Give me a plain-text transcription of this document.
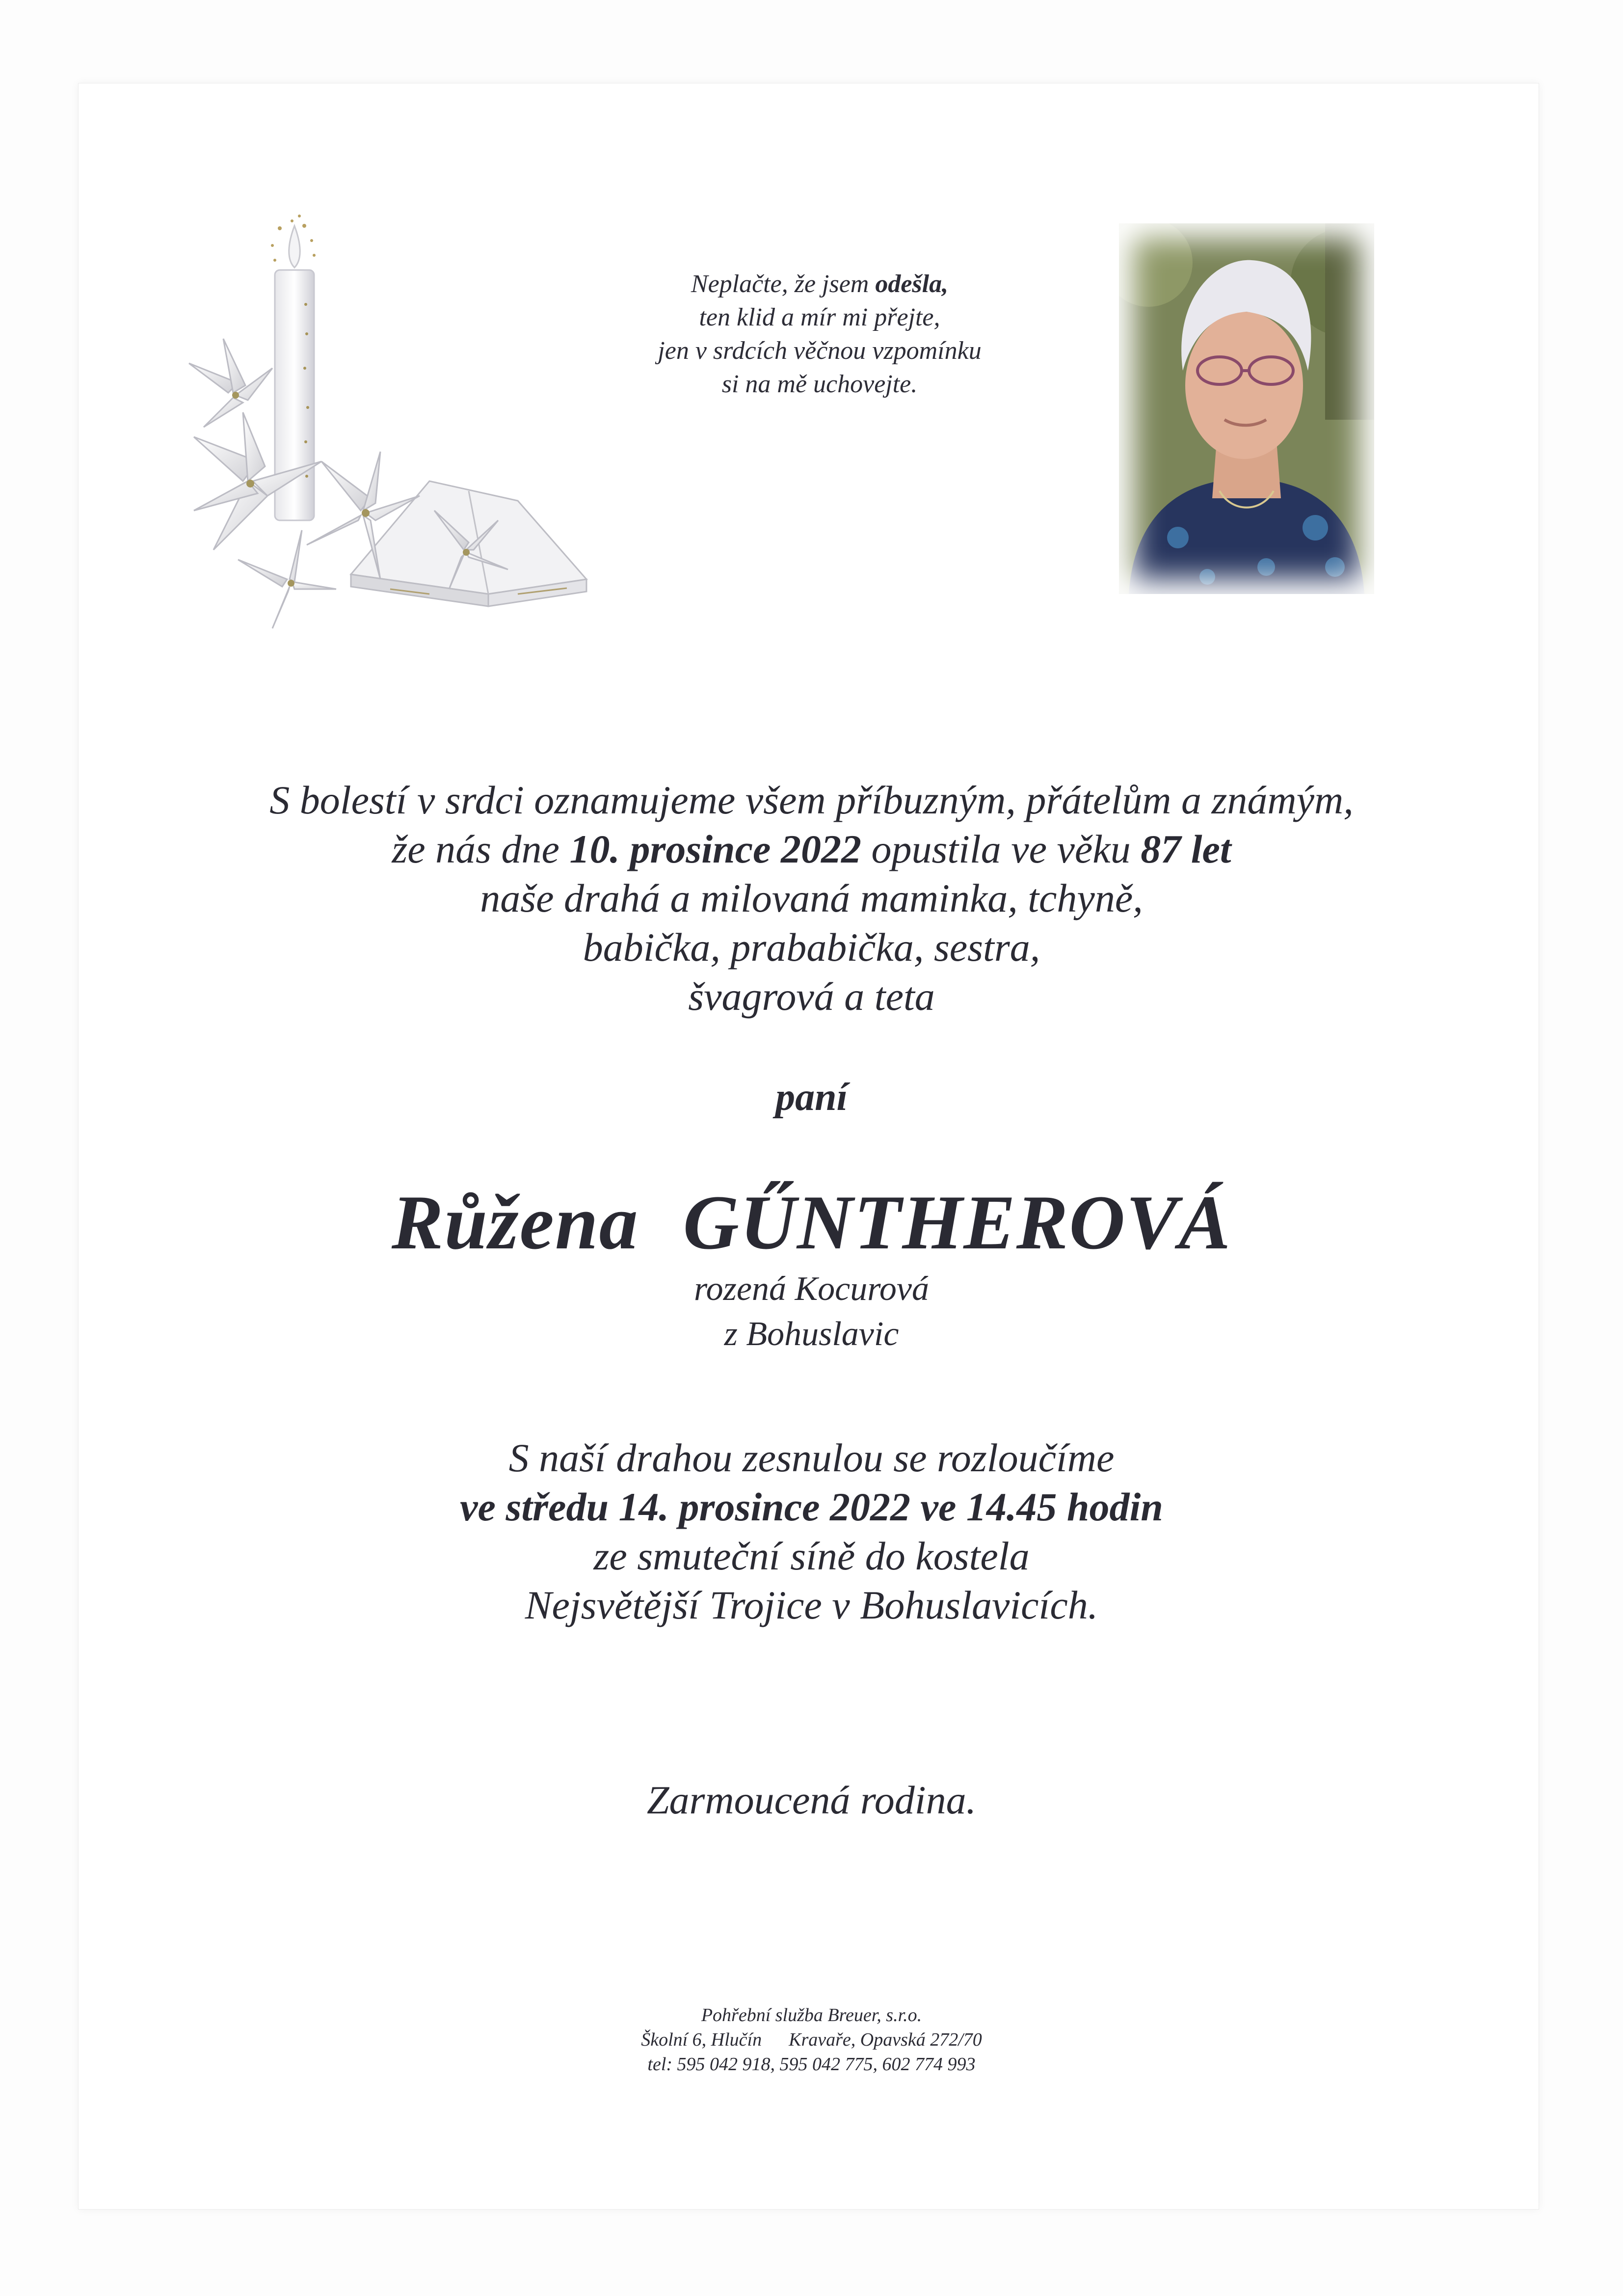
Neplačte, že jsem odešla,
ten klid a mír mi přejte,
jen v srdcích věčnou vzpomínku
si na mě uchovejte.
S bolestí v srdci oznamujeme všem příbuzným, přátelům a známým,
že nás dne 10. prosince 2022 opustila ve věku 87 let
naše drahá a milovaná maminka, tchyně,
babička, prababička, sestra,
švagrová a teta
paní
Růžena GŰNTHEROVÁ
rozená Kocurová
z Bohuslavic
S naší drahou zesnulou se rozloučíme
ve středu 14. prosince 2022 ve 14.45 hodin
ze smuteční síně do kostela
Nejsvětější Trojice v Bohuslavicích.
Zarmoucená rodina.
Pohřební služba Breuer, s.r.o.
Školní 6, Hlučín Kravaře, Opavská 272/70
tel: 595 042 918, 595 042 775, 602 774 993
